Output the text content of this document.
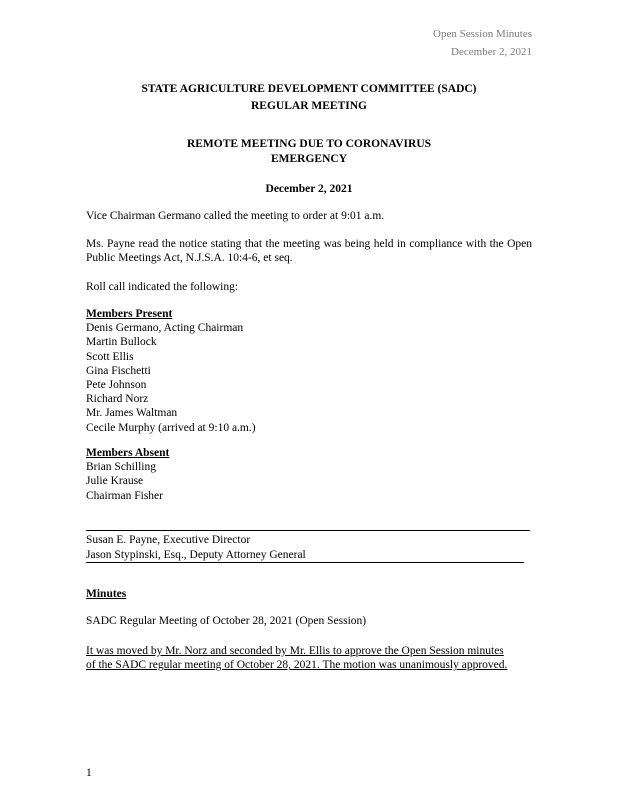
Open Session Minutes
December 2, 2021
STATE AGRICULTURE DEVELOPMENT COMMITTEE (SADC)
REGULAR MEETING
REMOTE MEETING DUE TO CORONAVIRUS
EMERGENCY
December 2, 2021
Vice Chairman Germano called the meeting to order at 9:01 a.m.
Ms. Payne read the notice stating that the meeting was being held in compliance with the Open Public Meetings Act, N.J.S.A. 10:4-6, et seq.
Roll call indicated the following:
Members Present
Denis Germano, Acting Chairman
Martin Bullock
Scott Ellis
Gina Fischetti
Pete Johnson
Richard Norz
Mr. James Waltman
Cecile Murphy (arrived at 9:10 a.m.)
Members Absent
Brian Schilling
Julie Krause
Chairman Fisher
Susan E. Payne, Executive Director
Jason Stypinski, Esq., Deputy Attorney General
Minutes
SADC Regular Meeting of October 28, 2021 (Open Session)
It was moved by Mr. Norz and seconded by Mr. Ellis to approve the Open Session minutes
of the SADC regular meeting of October 28, 2021. The motion was unanimously approved.
1
